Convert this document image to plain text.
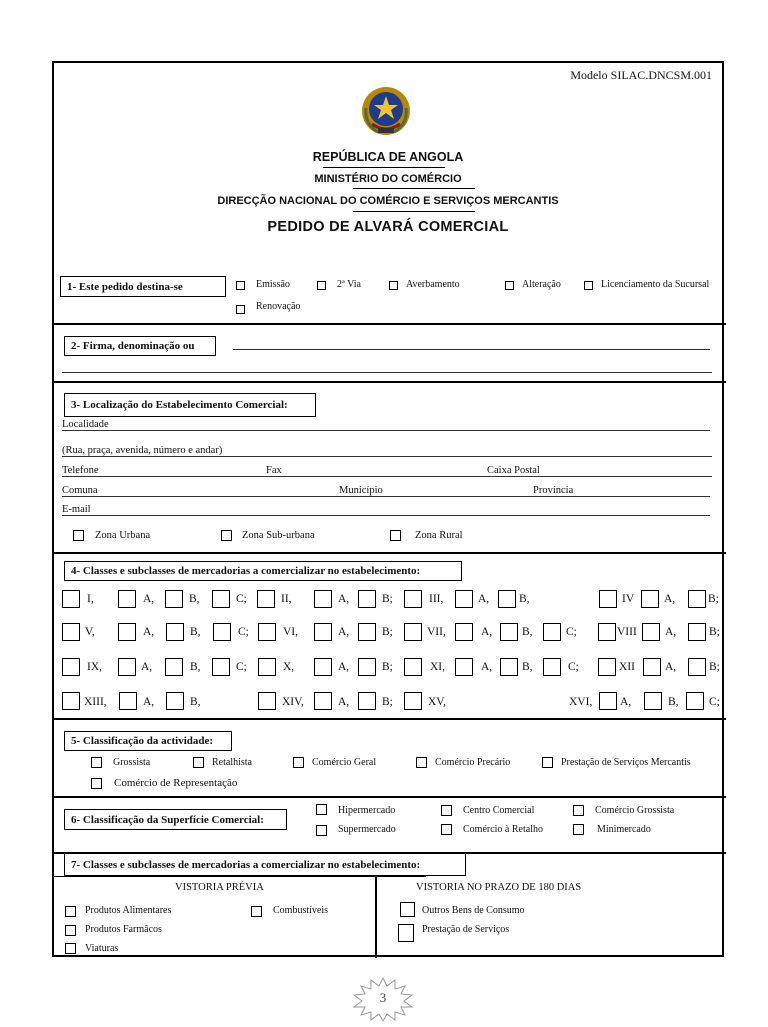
Modelo SILAC.DNCSM.001
REPÚBLICA DE ANGOLA
MINISTÉRIO DO COMÉRCIO
DIRECÇÃO NACIONAL DO COMÉRCIO E SERVIÇOS MERCANTIS
PEDIDO DE ALVARÁ COMERCIAL
1- Este pedido destina-se	Emissão	2ª Via	Averbamento	Alteração	Licenciamento da Sucursal
Renovação
2- Firma, denominação ou
3- Localização do Estabelecimento Comercial:
Localidade
(Rua, praça, avenida, número e andar)
Telefone	Fax	Caixa Postal
Comuna	Município	Província
E-mail
Zona Urbana	Zona Sub-urbana	Zona Rural
4- Classes e subclasses de mercadorias a comercializar no estabelecimento:
I,	A,	B,	C;	II,	A,	B;	III,	A,	B,	IV	A,	B;
V,	A,	B,	C;	VI,	A,	B;	VII,	A,	B,	C;	VIII A,	B;
IX,	A,	B,	C;	X,	A,	B;	XI,	A,	B,	C;	XII	A,	B;
XIII,	A,	B,	XIV,	A,	B;	XV,	XVI, A,	B,	C;
5- Classificação da actividade:
Grossista	Retalhista	Comércio Geral	Comércio Precário	Prestação de Serviços Mercantis
Comércio de Representação
6- Classificação da Superfície Comercial:
Hipermercado	Centro Comercial	Comércio Grossista
Supermercado	Comércio à Retalho	Minimercado
7- Classes e subclasses de mercadorias a comercializar no estabelecimento:
VISTORIA PRÉVIA	VISTORIA NO PRAZO DE 180 DIAS
Produtos Alimentares	Combustíveis
Produtos Farmâcos
Viaturas
Outros Bens de Consumo
Prestação de Serviços
3
